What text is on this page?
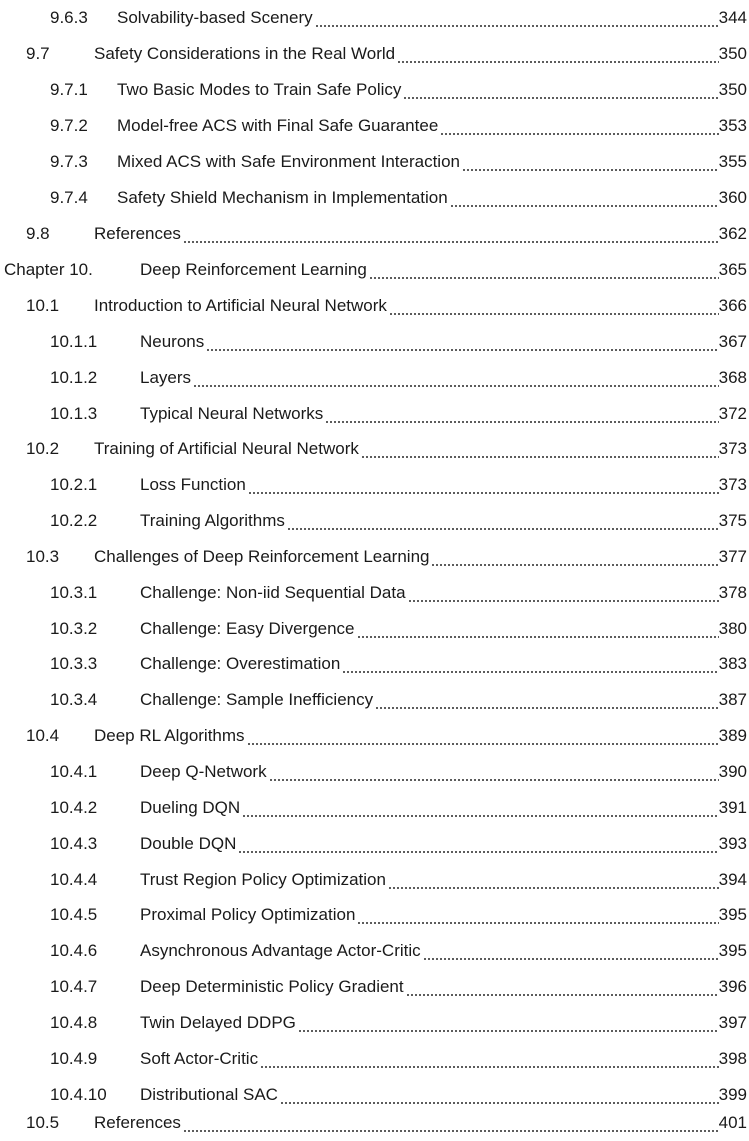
9.6.3	Solvability-based Scenery	344
9.7	Safety Considerations in the Real World	350
9.7.1	Two Basic Modes to Train Safe Policy	350
9.7.2	Model-free ACS with Final Safe Guarantee	353
9.7.3	Mixed ACS with Safe Environment Interaction	355
9.7.4	Safety Shield Mechanism in Implementation	360
9.8	References	362
Chapter 10.	Deep Reinforcement Learning	365
10.1	Introduction to Artificial Neural Network	366
10.1.1	Neurons	367
10.1.2	Layers	368
10.1.3	Typical Neural Networks	372
10.2	Training of Artificial Neural Network	373
10.2.1	Loss Function	373
10.2.2	Training Algorithms	375
10.3	Challenges of Deep Reinforcement Learning	377
10.3.1	Challenge: Non-iid Sequential Data	378
10.3.2	Challenge: Easy Divergence	380
10.3.3	Challenge: Overestimation	383
10.3.4	Challenge: Sample Inefficiency	387
10.4	Deep RL Algorithms	389
10.4.1	Deep Q-Network	390
10.4.2	Dueling DQN	391
10.4.3	Double DQN	393
10.4.4	Trust Region Policy Optimization	394
10.4.5	Proximal Policy Optimization	395
10.4.6	Asynchronous Advantage Actor-Critic	395
10.4.7	Deep Deterministic Policy Gradient	396
10.4.8	Twin Delayed DDPG	397
10.4.9	Soft Actor-Critic	398
10.4.10	Distributional SAC	399
10.5	References	401
